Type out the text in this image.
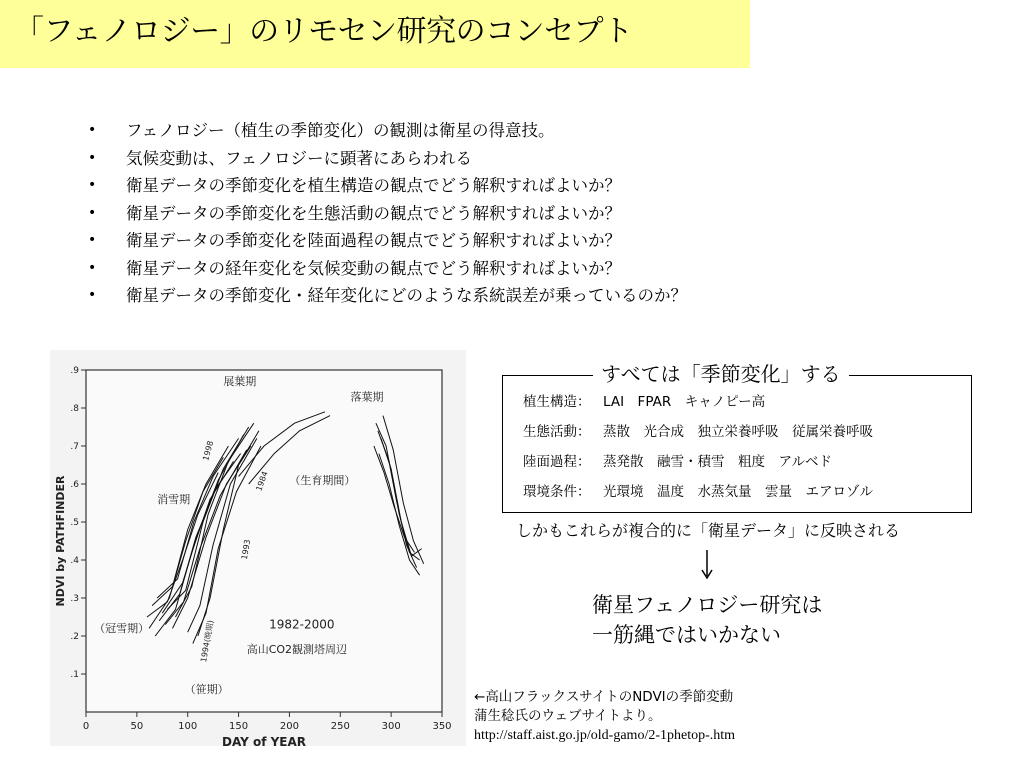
「フェノロジー」のリモセン研究のコンセプト
• フェノロジー（植生の季節変化）の観測は衛星の得意技。
• 気候変動は、フェノロジーに顕著にあらわれる
• 衛星データの季節変化を植生構造の観点でどう解釈すればよいか？
• 衛星データの季節変化を生態活動の観点でどう解釈すればよいか？
• 衛星データの季節変化を陸面過程の観点でどう解釈すればよいか？
• 衛星データの経年変化を気候変動の観点でどう解釈すればよいか？
• 衛星データの季節変化・経年変化にどのような系統誤差が乗っているのか？
0	50	100	150	200	250	300	350
.9
.8
.7
.6
.5
.4
.3
.2
.1
DAY of YEAR
NDVI by PATHFINDER
展葉期
落葉期
消雪期
（生育期間）
（冠雪期）
（笹期）
1998
1984
1993
1994(晩期)	1982-2000
高山CO2観測塔周辺
すべては「季節変化」する
植生構造： LAI　FPAR　キャノピー高
生態活動： 蒸散　光合成　独立栄養呼吸　従属栄養呼吸
陸面過程： 蒸発散　融雪・積雪　粗度　アルベド
環境条件： 光環境　温度　水蒸気量　雲量　エアロゾル
しかもこれらが複合的に「衛星データ」に反映される
衛星フェノロジー研究は
一筋縄ではいかない
←高山フラックスサイトのNDVIの季節変動
蒲生稔氏のウェブサイトより。
http://staff.aist.go.jp/old-gamo/2-1phetop-.htm
